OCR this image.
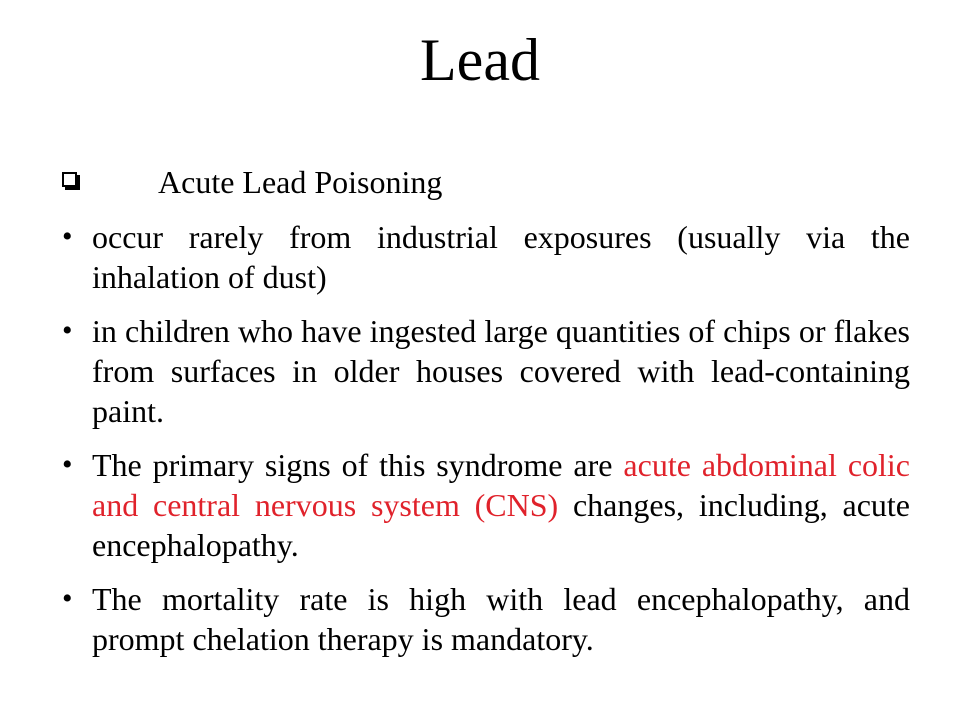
Lead
Acute Lead Poisoning
• occur rarely from industrial exposures (usually via the inhalation of dust)
• in children who have ingested large quantities of chips or flakes from surfaces in older houses covered with lead-containing paint.
• The primary signs of this syndrome are acute abdominal colic and central nervous system (CNS) changes, including, acute encephalopathy.
• The mortality rate is high with lead encephalopathy, and prompt chelation therapy is mandatory.
